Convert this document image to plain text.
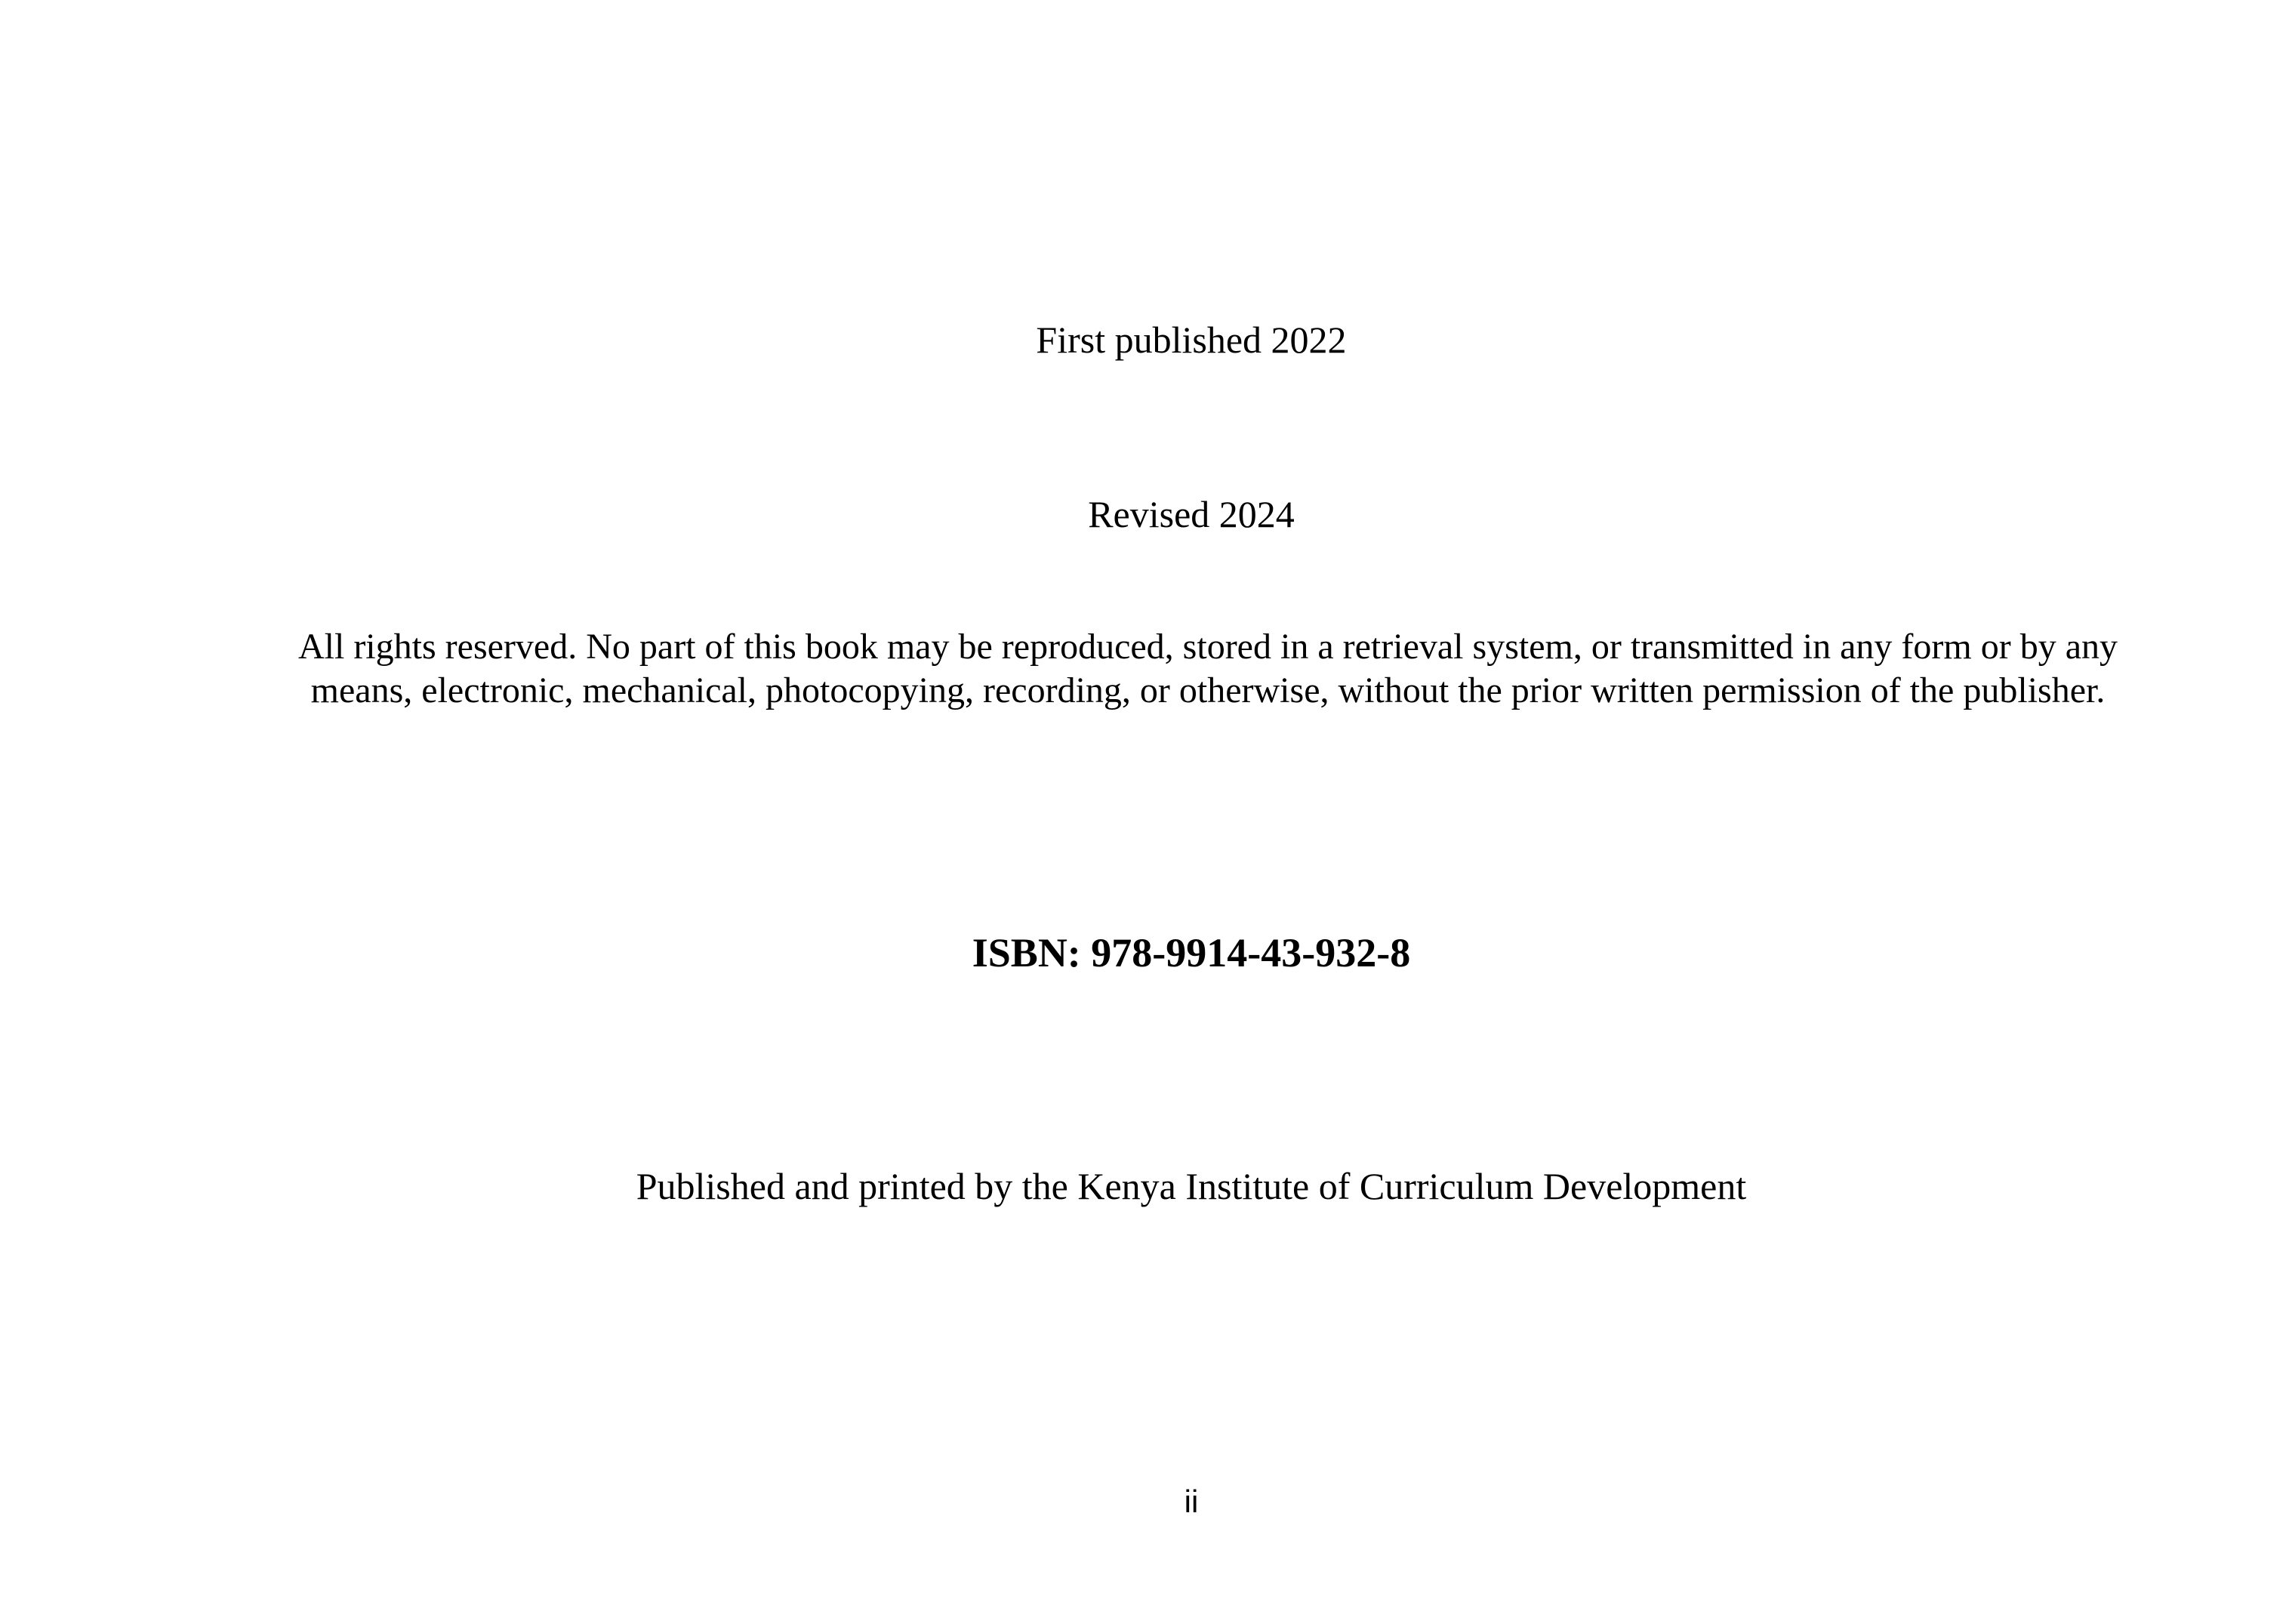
First published 2022
Revised 2024
All rights reserved. No part of this book may be reproduced, stored in a retrieval system, or transmitted in any form or by any
means, electronic, mechanical, photocopying, recording, or otherwise, without the prior written permission of the publisher.
ISBN: 978-9914-43-932-8
Published and printed by the Kenya Institute of Curriculum Development
ii
